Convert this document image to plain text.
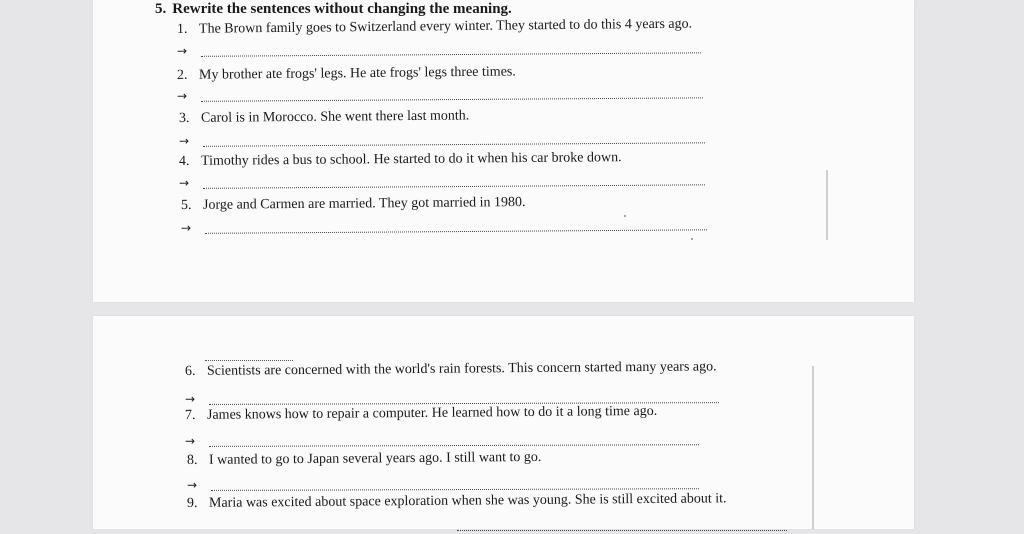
5. Rewrite the sentences without changing the meaning.
1. The Brown family goes to Switzerland every winter. They started to do this 4 years ago.
→
2. My brother ate frogs' legs. He ate frogs' legs three times.
→
3. Carol is in Morocco. She went there last month.
→
4. Timothy rides a bus to school. He started to do it when his car broke down.
→
5. Jorge and Carmen are married. They got married in 1980.
→
6. Scientists are concerned with the world's rain forests. This concern started many years ago.
→
7. James knows how to repair a computer. He learned how to do it a long time ago.
→
8. I wanted to go to Japan several years ago. I still want to go.
→
9. Maria was excited about space exploration when she was young. She is still excited about it.
